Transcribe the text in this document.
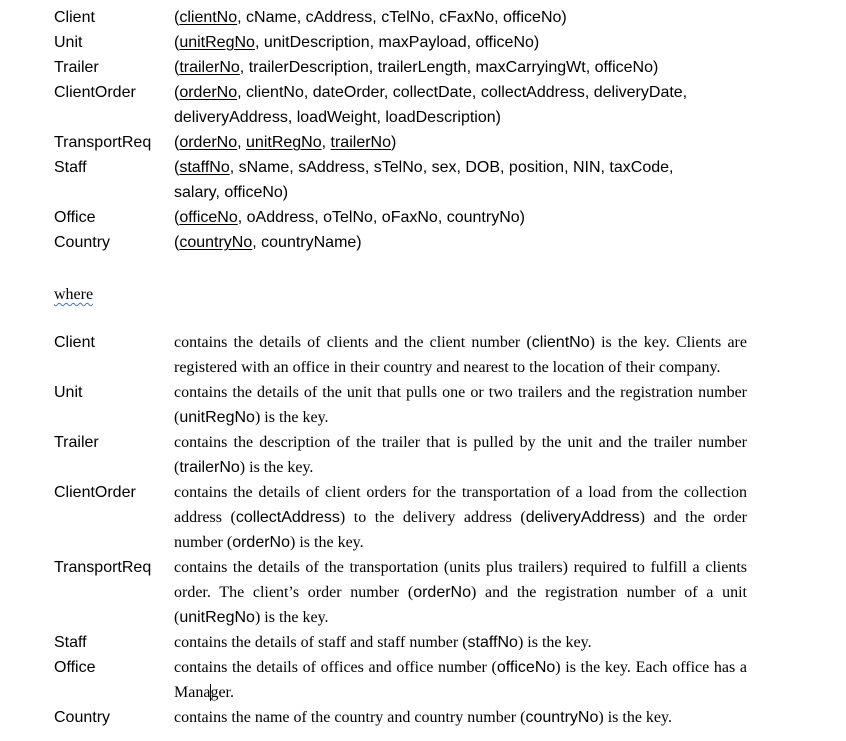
Client	(clientNo, cName, cAddress, cTelNo, cFaxNo, officeNo)
Unit	(unitRegNo, unitDescription, maxPayload, officeNo)
Trailer	(trailerNo, trailerDescription, trailerLength, maxCarryingWt, officeNo)
ClientOrder	(orderNo, clientNo, dateOrder, collectDate, collectAddress, deliveryDate, deliveryAddress, loadWeight, loadDescription)
TransportReq	(orderNo, unitRegNo, trailerNo)
Staff	(staffNo, sName, sAddress, sTelNo, sex, DOB, position, NIN, taxCode, salary, officeNo)
Office	(officeNo, oAddress, oTelNo, oFaxNo, countryNo)
Country	(countryNo, countryName)
where
Client	contains the details of clients and the client number (clientNo) is the key. Clients are registered with an office in their country and nearest to the location of their company.
Unit	contains the details of the unit that pulls one or two trailers and the registration number (unitRegNo) is the key.
Trailer	contains the description of the trailer that is pulled by the unit and the trailer number (trailerNo) is the key.
ClientOrder	contains the details of client orders for the transportation of a load from the collection address (collectAddress) to the delivery address (deliveryAddress) and the order number (orderNo) is the key.
TransportReq	contains the details of the transportation (units plus trailers) required to fulfill a clients order. The client’s order number (orderNo) and the registration number of a unit (unitRegNo) is the key.
Staff	contains the details of staff and staff number (staffNo) is the key.
Office	contains the details of offices and office number (officeNo) is the key. Each office has a Manager.
Country	contains the name of the country and country number (countryNo) is the key.
